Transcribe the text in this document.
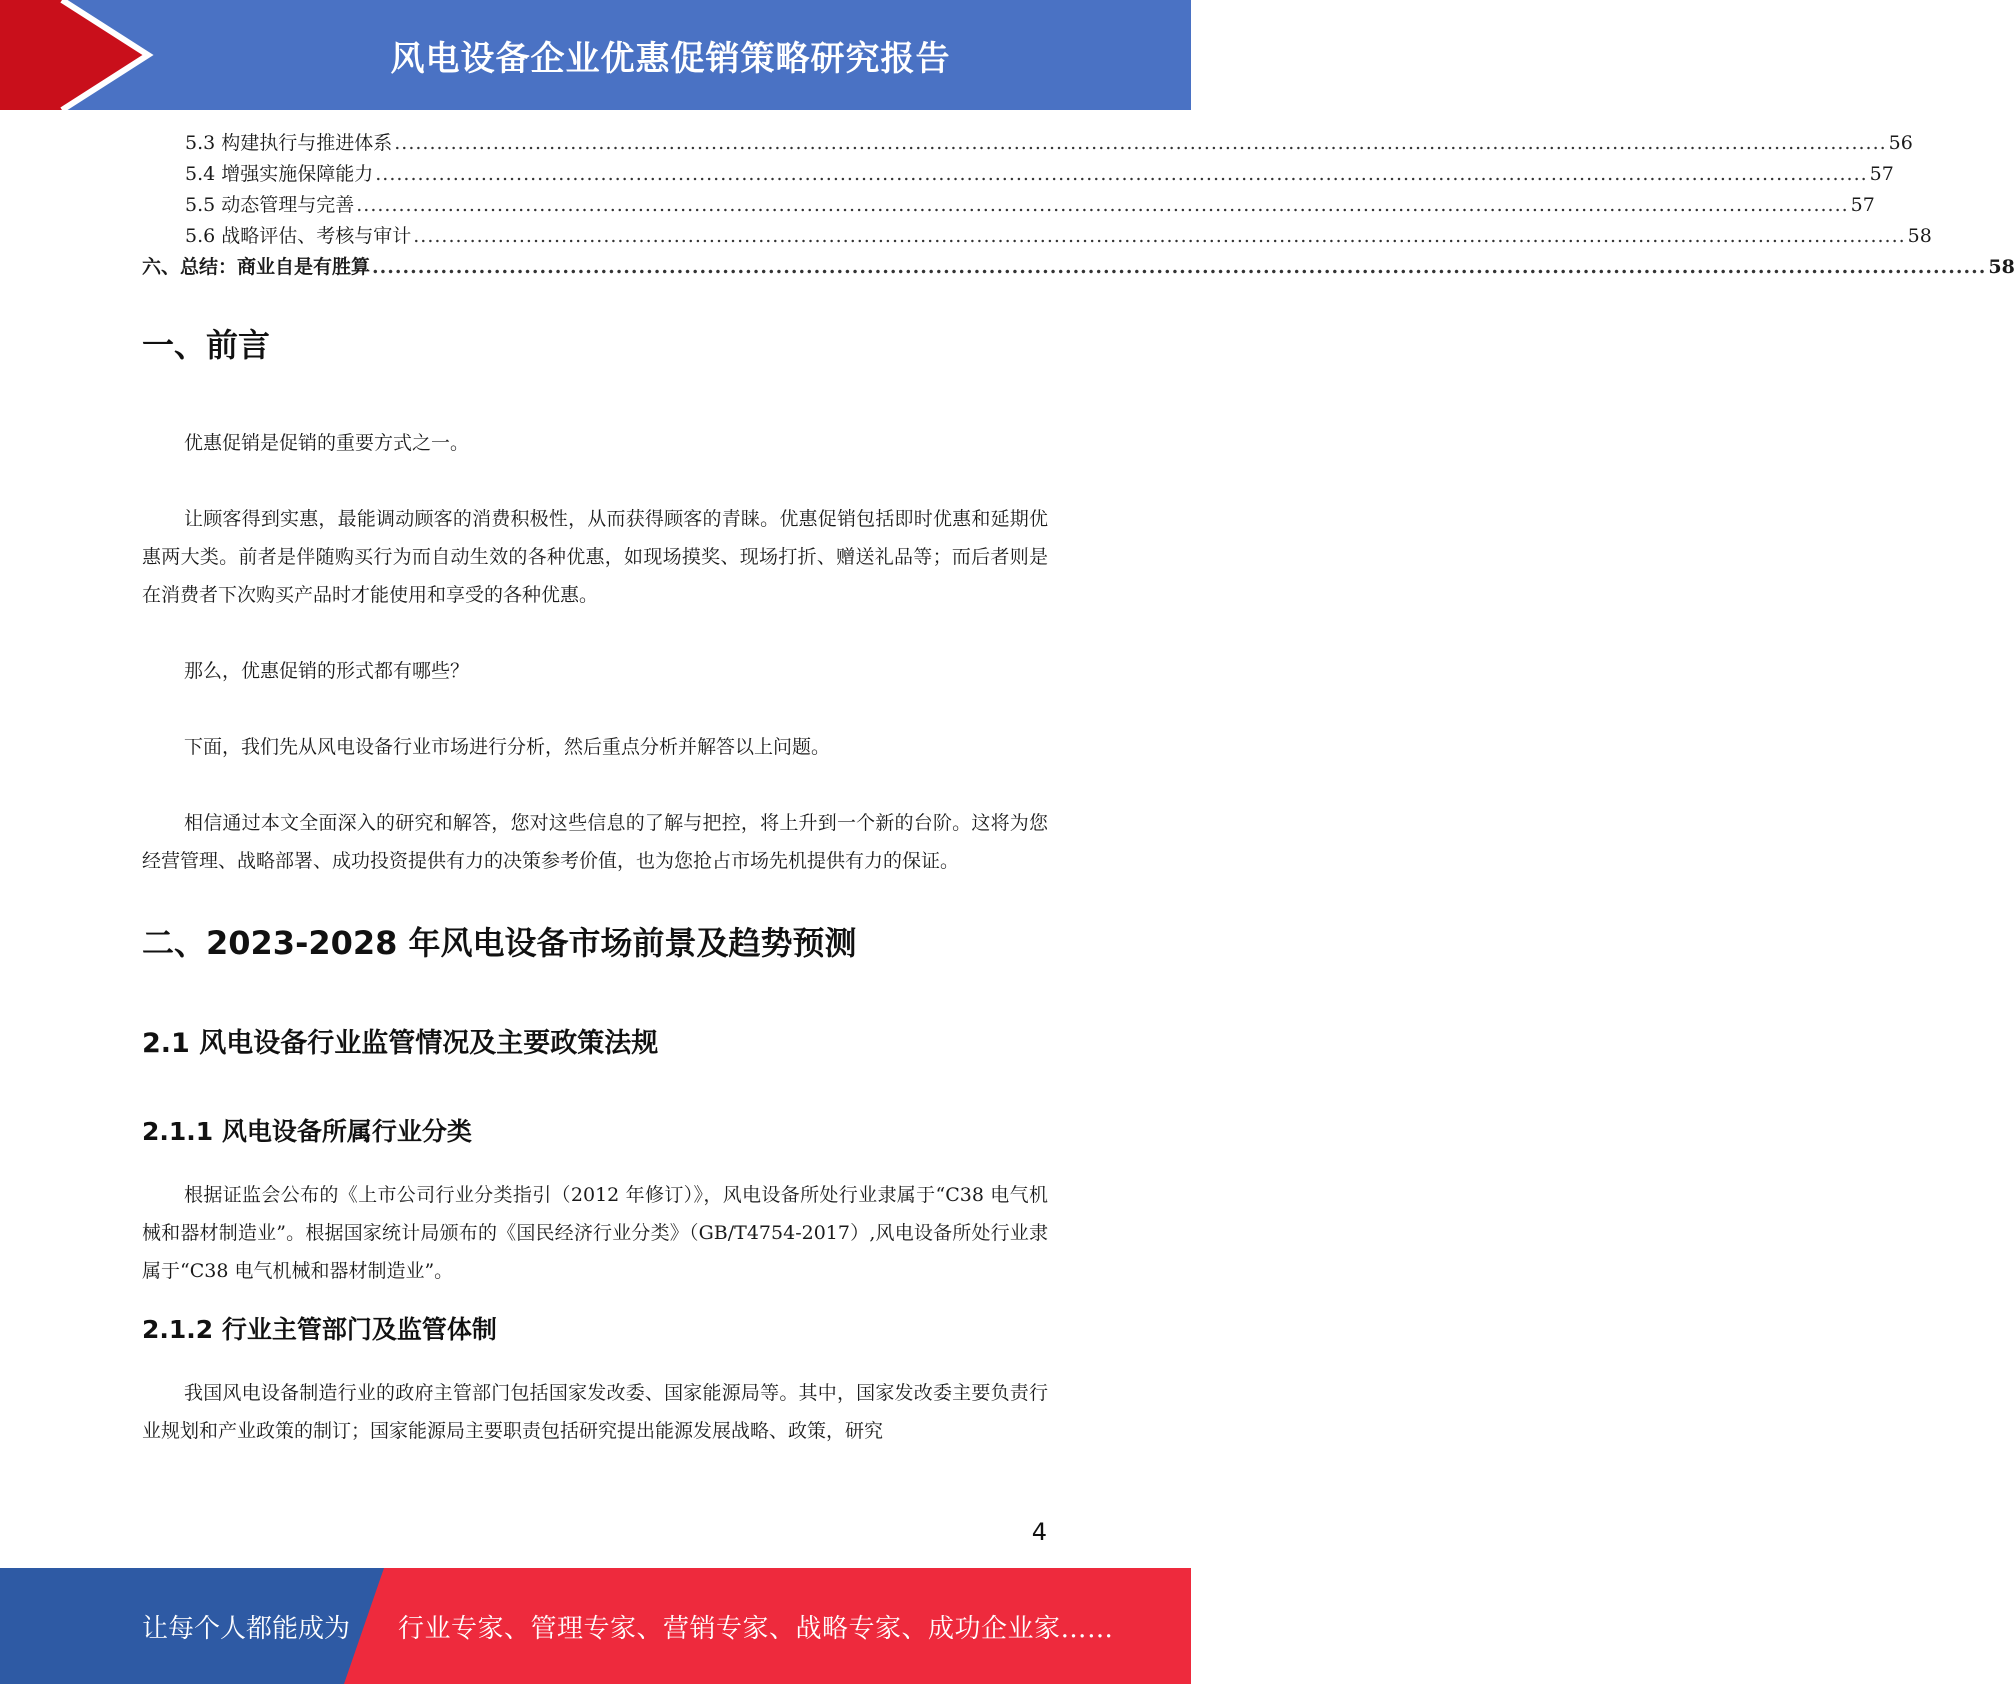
风电设备企业优惠促销策略研究报告
5.3 构建执行与推进体系 .................................................................................................................................................................................................................... 56
5.4 增强实施保障能力 .................................................................................................................................................................................................................... 57
5.5 动态管理与完善 .................................................................................................................................................................................................................... 57
5.6 战略评估、考核与审计 .................................................................................................................................................................................................................... 58
六、总结：商业自是有胜算 .................................................................................................................................................................................................................... 58
一、前言

优惠促销是促销的重要方式之一。

让顾客得到实惠，最能调动顾客的消费积极性，从而获得顾客的青睐。优惠促销包括即时优惠和延期优惠两大类。前者是伴随购买行为而自动生效的各种优惠，如现场摸奖、现场打折、赠送礼品等；而后者则是在消费者下次购买产品时才能使用和享受的各种优惠。

那么，优惠促销的形式都有哪些？

下面，我们先从风电设备行业市场进行分析，然后重点分析并解答以上问题。

相信通过本文全面深入的研究和解答，您对这些信息的了解与把控，将上升到一个新的台阶。这将为您经营管理、战略部署、成功投资提供有力的决策参考价值，也为您抢占市场先机提供有力的保证。

二、2023-2028 年风电设备市场前景及趋势预测
2.1 风电设备行业监管情况及主要政策法规
2.1.1 风电设备所属行业分类

根据证监会公布的《上市公司行业分类指引（2012 年修订）》，风电设备所处行业隶属于“C38 电气机械和器材制造业”。根据国家统计局颁布的《国民经济行业分类》（GB/T4754-2017）,风电设备所处行业隶属于“C38 电气机械和器材制造业”。

2.1.2 行业主管部门及监管体制

我国风电设备制造行业的政府主管部门包括国家发改委、国家能源局等。其中，国家发改委主要负责行业规划和产业政策的制订；国家能源局主要职责包括研究提出能源发展战略、政策，研究

4
让每个人都能成为 行业专家、管理专家、营销专家、战略专家、成功企业家……
